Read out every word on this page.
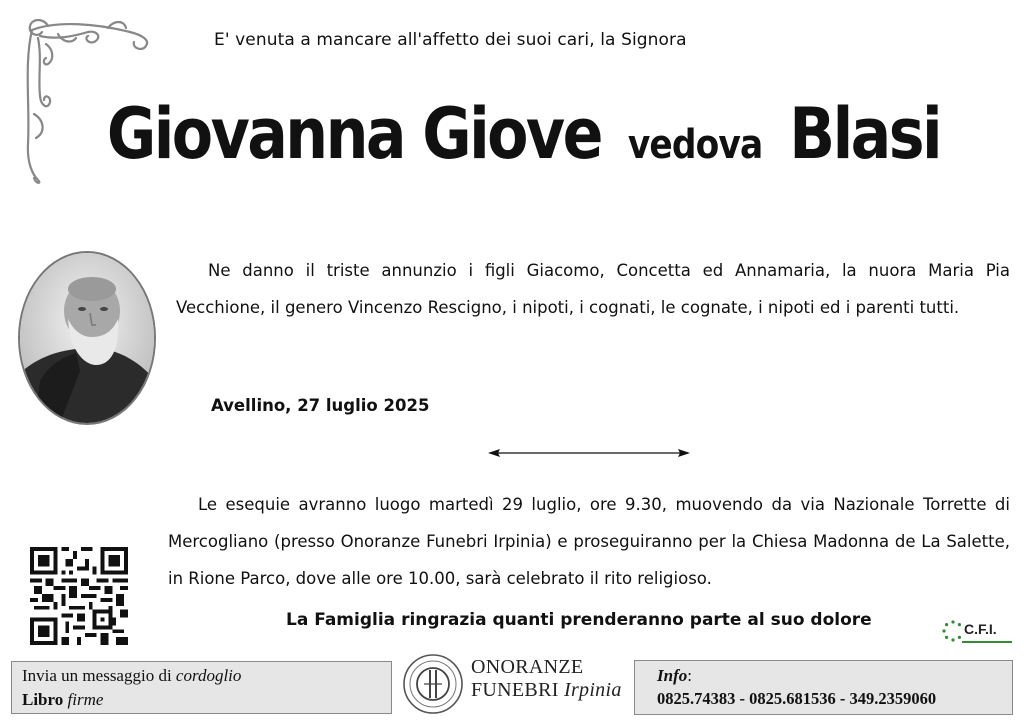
E' venuta a mancare all'affetto dei suoi cari, la Signora
Giovanna Giove vedova Blasi
Ne danno il triste annunzio i figli Giacomo, Concetta ed Annamaria, la nuora Maria Pia Vecchione, il genero Vincenzo Rescigno, i nipoti, i cognati, le cognate, i nipoti ed i parenti tutti.
Avellino, 27 luglio 2025
Le esequie avranno luogo martedì 29 luglio, ore 9.30, muovendo da via Nazionale Torrette di Mercogliano (presso Onoranze Funebri Irpinia) e proseguiranno per la Chiesa Madonna de La Salette, in Rione Parco, dove alle ore 10.00, sarà celebrato il rito religioso.
La Famiglia ringrazia quanti prenderanno parte al suo dolore	C.F.I.
Invia un messaggio di cordoglio
Libro firme
ONORANZE
FUNEBRI Irpinia
Info:
0825.74383 - 0825.681536 - 349.2359060
